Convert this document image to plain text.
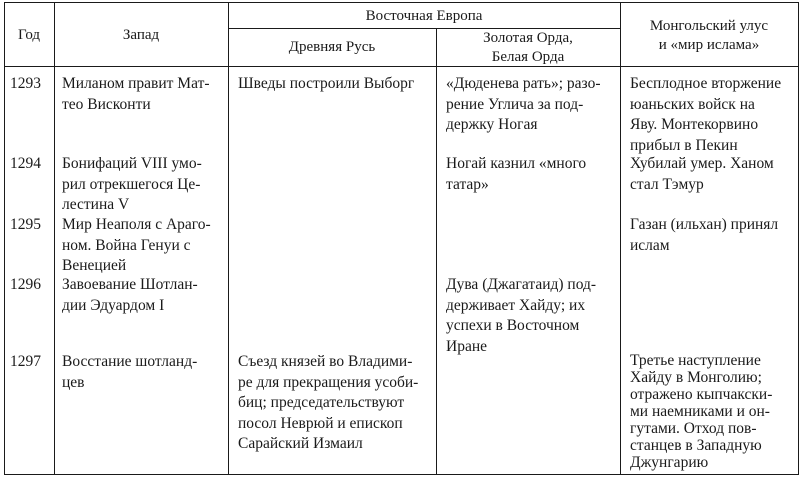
Год	Запад
Восточная Европа
Древняя Русь
Золотая Орда,
Белая Орда
Монгольский улус
и «мир ислама»
1293 Миланом правит Мат-
тео Висконти
Шведы построили Выборг «Дюденева рать»; разо-
рение Углича за под-
держку Ногая
Бесплодное вторжение
юаньских войск на
Яву. Монтекорвино
прибыл в Пекин
1294 Бонифаций VIII умо-
рил отрекшегося Це-
лестина V
Ногай казнил «много
татар»
Хубилай умер. Ханом
стал Тэмур
1295 Мир Неаполя с Араго-
ном. Война Генуи с
Венецией
Газан (ильхан) принял
ислам
1296 Завоевание Шотлан-
дии Эдуардом I
Дува (Джагатаид) под-
держивает Хайду; их
успехи в Восточном
Иране
1297 Восстание шотланд-
цев
Съезд князей во Владими-
ре для прекращения усоби-
биц; председательствуют
посол Неврюй и епископ
Сарайский Измаил
Третье наступление
Хайду в Монголию;
отражено кыпчакски-
ми наемниками и он-
гутами. Отход пов-
станцев в Западную
Джунгарию
